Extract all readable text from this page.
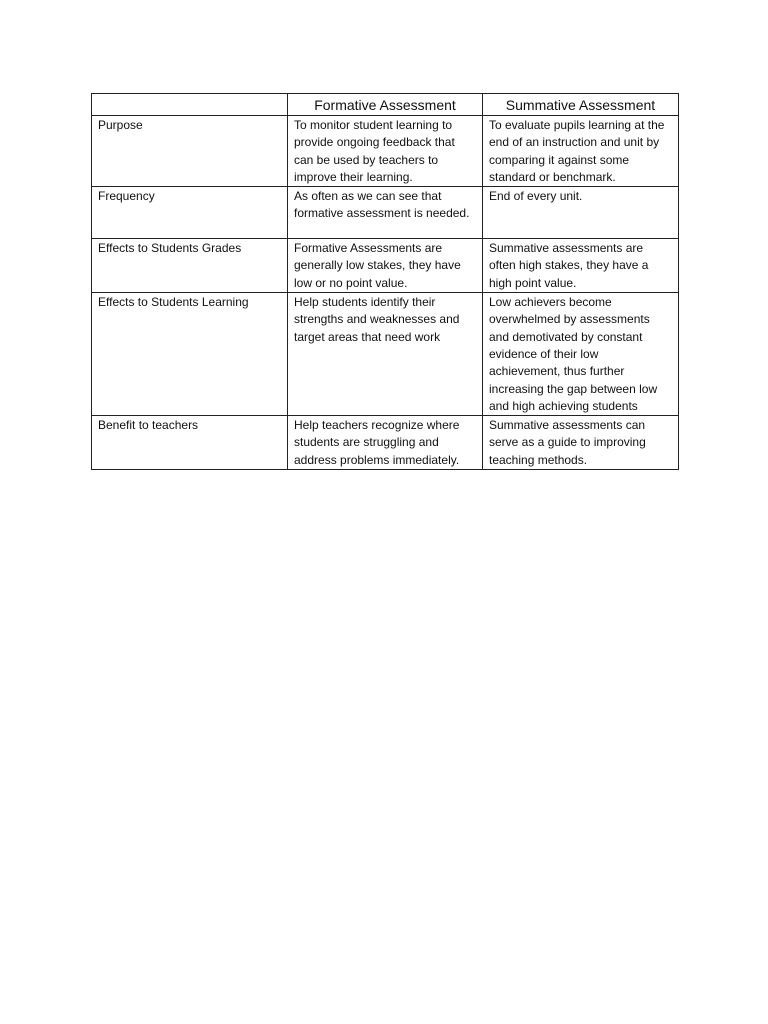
	Formative Assessment	Summative Assessment
Purpose	To monitor student learning to provide ongoing feedback that can be used by teachers to improve their learning.	To evaluate pupils learning at the end of an instruction and unit by comparing it against some standard or benchmark.
Frequency	As often as we can see that formative assessment is needed.	End of every unit.
Effects to Students Grades	Formative Assessments are generally low stakes, they have low or no point value.	Summative assessments are often high stakes, they have a high point value.
Effects to Students Learning	Help students identify their strengths and weaknesses and target areas that need work	Low achievers become overwhelmed by assessments and demotivated by constant evidence of their low achievement, thus further increasing the gap between low and high achieving students
Benefit to teachers	Help teachers recognize where students are struggling and address problems immediately.	Summative assessments can serve as a guide to improving teaching methods.
